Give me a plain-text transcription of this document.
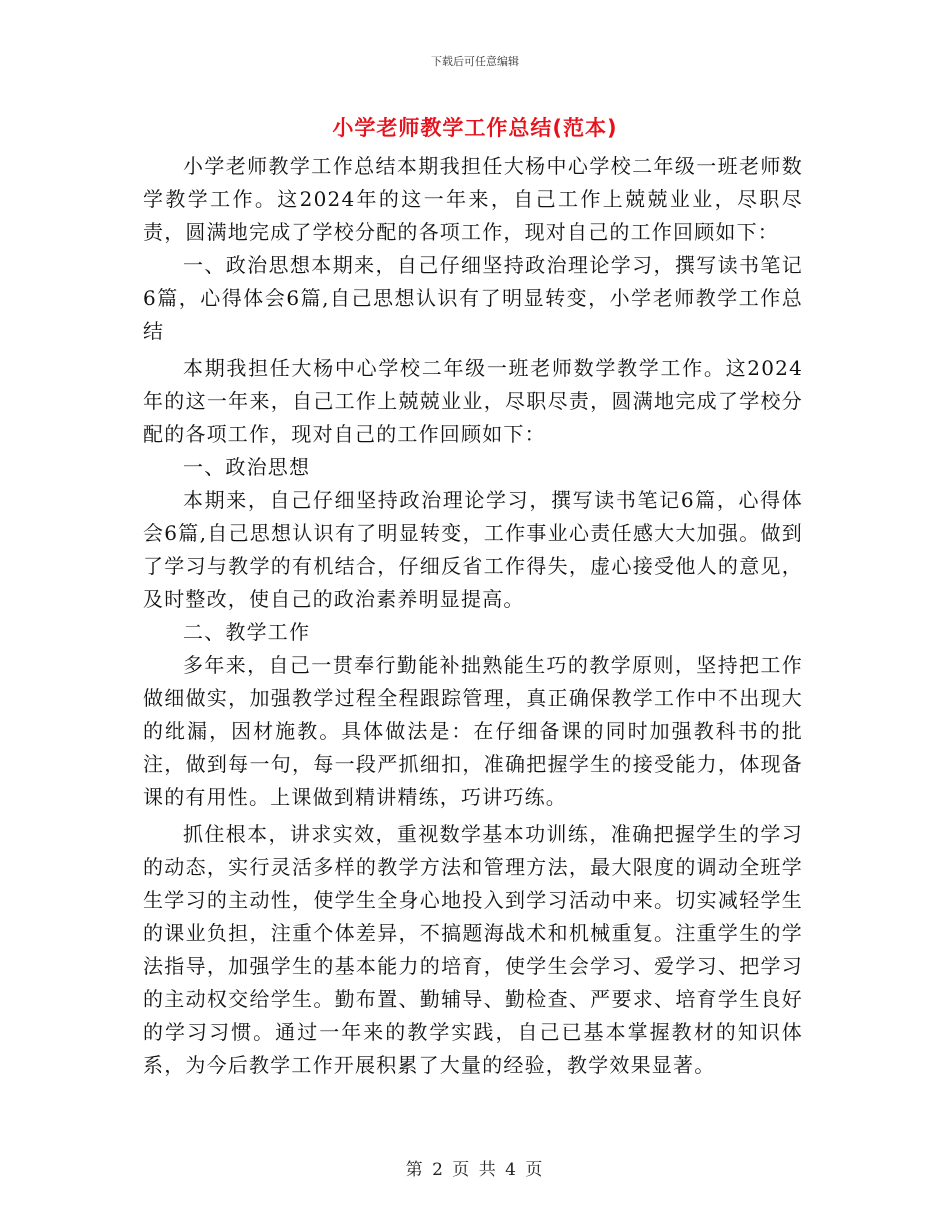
下载后可任意编辑
小学老师教学工作总结(范本)

小学老师教学工作总结本期我担任大杨中心学校二年级一班老师数学教学工作。这2024年的这一年来，自己工作上兢兢业业，尽职尽责，圆满地完成了学校分配的各项工作，现对自己的工作回顾如下：

一、政治思想本期来，自己仔细坚持政治理论学习，撰写读书笔记6篇，心得体会6篇,自己思想认识有了明显转变，小学老师教学工作总结

本期我担任大杨中心学校二年级一班老师数学教学工作。这2024年的这一年来，自己工作上兢兢业业，尽职尽责，圆满地完成了学校分配的各项工作，现对自己的工作回顾如下：

一、政治思想

本期来，自己仔细坚持政治理论学习，撰写读书笔记6篇，心得体会6篇,自己思想认识有了明显转变，工作事业心责任感大大加强。做到了学习与教学的有机结合，仔细反省工作得失，虚心接受他人的意见，及时整改，使自己的政治素养明显提高。

二、教学工作

多年来，自己一贯奉行勤能补拙熟能生巧的教学原则，坚持把工作做细做实，加强教学过程全程跟踪管理，真正确保教学工作中不出现大的纰漏，因材施教。具体做法是：在仔细备课的同时加强教科书的批注，做到每一句，每一段严抓细扣，准确把握学生的接受能力，体现备课的有用性。上课做到精讲精练，巧讲巧练。

抓住根本，讲求实效，重视数学基本功训练，准确把握学生的学习的动态，实行灵活多样的教学方法和管理方法，最大限度的调动全班学生学习的主动性，使学生全身心地投入到学习活动中来。切实减轻学生的课业负担，注重个体差异，不搞题海战术和机械重复。注重学生的学法指导，加强学生的基本能力的培育，使学生会学习、爱学习、把学习的主动权交给学生。勤布置、勤辅导、勤检查、严要求、培育学生良好的学习习惯。通过一年来的教学实践，自己已基本掌握教材的知识体系，为今后教学工作开展积累了大量的经验，教学效果显著。

第 2 页 共 4 页
